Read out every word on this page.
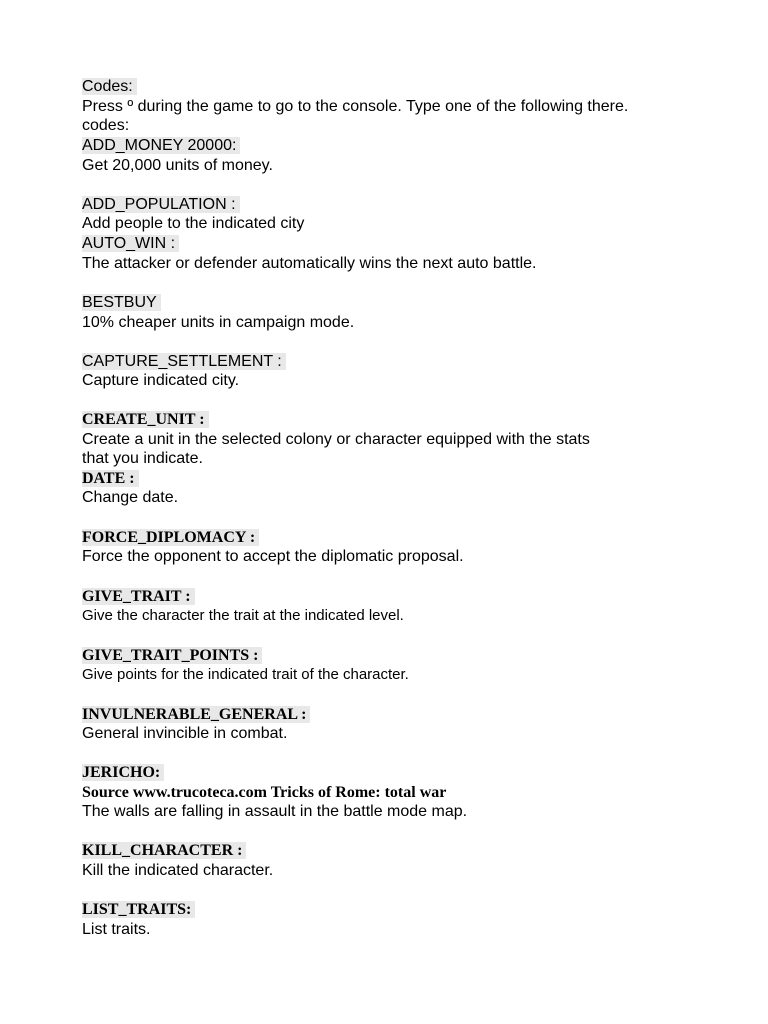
Codes:
Press º during the game to go to the console. Type one of the following there.
codes:
ADD_MONEY 20000:
Get 20,000 units of money.
ADD_POPULATION :
Add people to the indicated city
AUTO_WIN :
The attacker or defender automatically wins the next auto battle.
BESTBUY
10% cheaper units in campaign mode.
CAPTURE_SETTLEMENT :
Capture indicated city.
CREATE_UNIT :
Create a unit in the selected colony or character equipped with the stats
that you indicate.
DATE :
Change date.
FORCE_DIPLOMACY :
Force the opponent to accept the diplomatic proposal.
GIVE_TRAIT :
Give the character the trait at the indicated level.
GIVE_TRAIT_POINTS :
Give points for the indicated trait of the character.
INVULNERABLE_GENERAL :
General invincible in combat.
JERICHO:
Source www.trucoteca.com Tricks of Rome: total war
The walls are falling in assault in the battle mode map.
KILL_CHARACTER :
Kill the indicated character.
LIST_TRAITS:
List traits.
